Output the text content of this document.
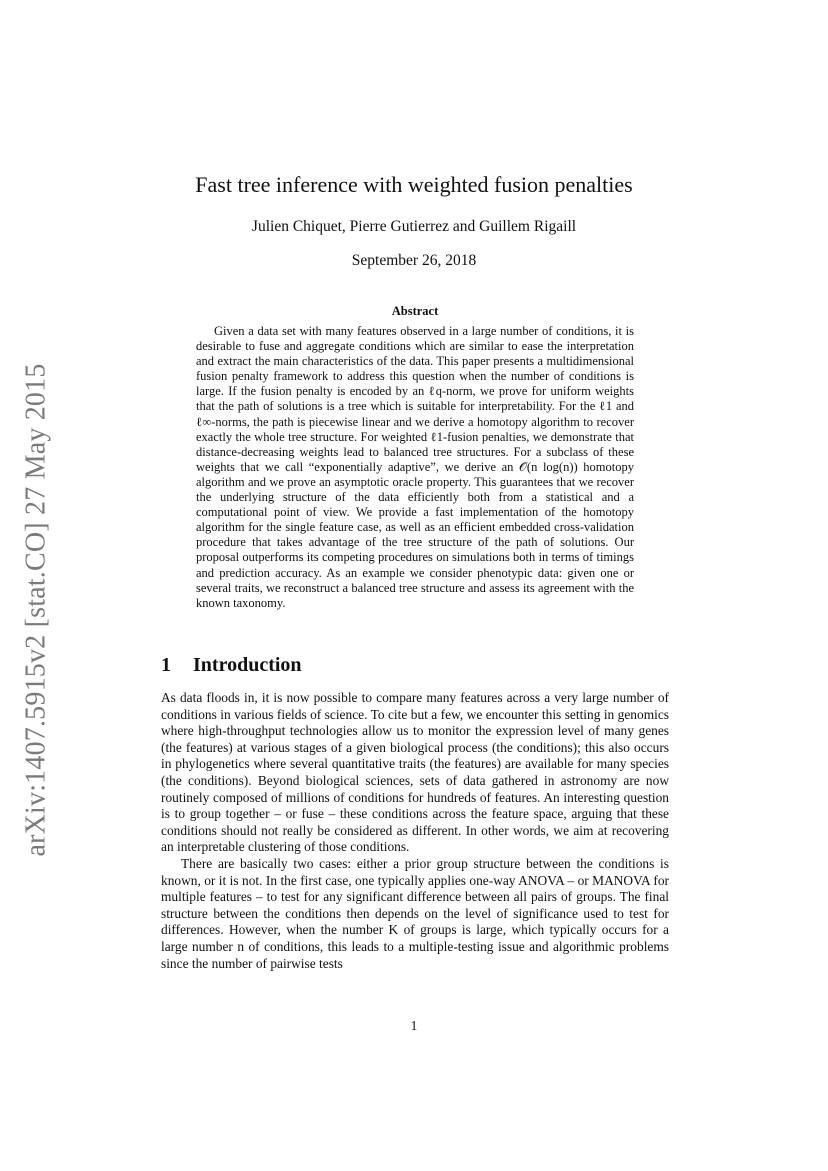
arXiv:1407.5915v2 [stat.CO] 27 May 2015
Fast tree inference with weighted fusion penalties
Julien Chiquet, Pierre Gutierrez and Guillem Rigaill
September 26, 2018
Abstract
Given a data set with many features observed in a large number of conditions, it is desirable to fuse and aggregate conditions which are similar to ease the interpretation and extract the main characteristics of the data. This paper presents a multidimensional fusion penalty framework to address this question when the number of conditions is large. If the fusion penalty is encoded by an ℓq-norm, we prove for uniform weights that the path of solutions is a tree which is suitable for interpretability. For the ℓ1 and ℓ∞-norms, the path is piecewise linear and we derive a homotopy algorithm to recover exactly the whole tree structure. For weighted ℓ1-fusion penalties, we demonstrate that distance-decreasing weights lead to balanced tree structures. For a subclass of these weights that we call “exponentially adaptive”, we derive an 𝒪(n log(n)) homotopy algorithm and we prove an asymptotic oracle property. This guarantees that we recover the underlying structure of the data efficiently both from a statistical and a computational point of view. We provide a fast implementation of the homotopy algorithm for the single feature case, as well as an efficient embedded cross-validation procedure that takes advantage of the tree structure of the path of solutions. Our proposal outperforms its competing procedures on simulations both in terms of timings and prediction accuracy. As an example we consider phenotypic data: given one or several traits, we reconstruct a balanced tree structure and assess its agreement with the known taxonomy.
1 Introduction

As data floods in, it is now possible to compare many features across a very large number of conditions in various fields of science. To cite but a few, we encounter this setting in genomics where high-throughput technologies allow us to monitor the expression level of many genes (the features) at various stages of a given biological process (the conditions); this also occurs in phylogenetics where several quantitative traits (the features) are available for many species (the conditions). Beyond biological sciences, sets of data gathered in astronomy are now routinely composed of millions of conditions for hundreds of features. An interesting question is to group together – or fuse – these conditions across the feature space, arguing that these conditions should not really be considered as different. In other words, we aim at recovering an interpretable clustering of those conditions.

There are basically two cases: either a prior group structure between the conditions is known, or it is not. In the first case, one typically applies one-way ANOVA – or MANOVA for multiple features – to test for any significant difference between all pairs of groups. The final structure between the conditions then depends on the level of significance used to test for differences. However, when the number K of groups is large, which typically occurs for a large number n of conditions, this leads to a multiple-testing issue and algorithmic problems since the number of pairwise tests

1
